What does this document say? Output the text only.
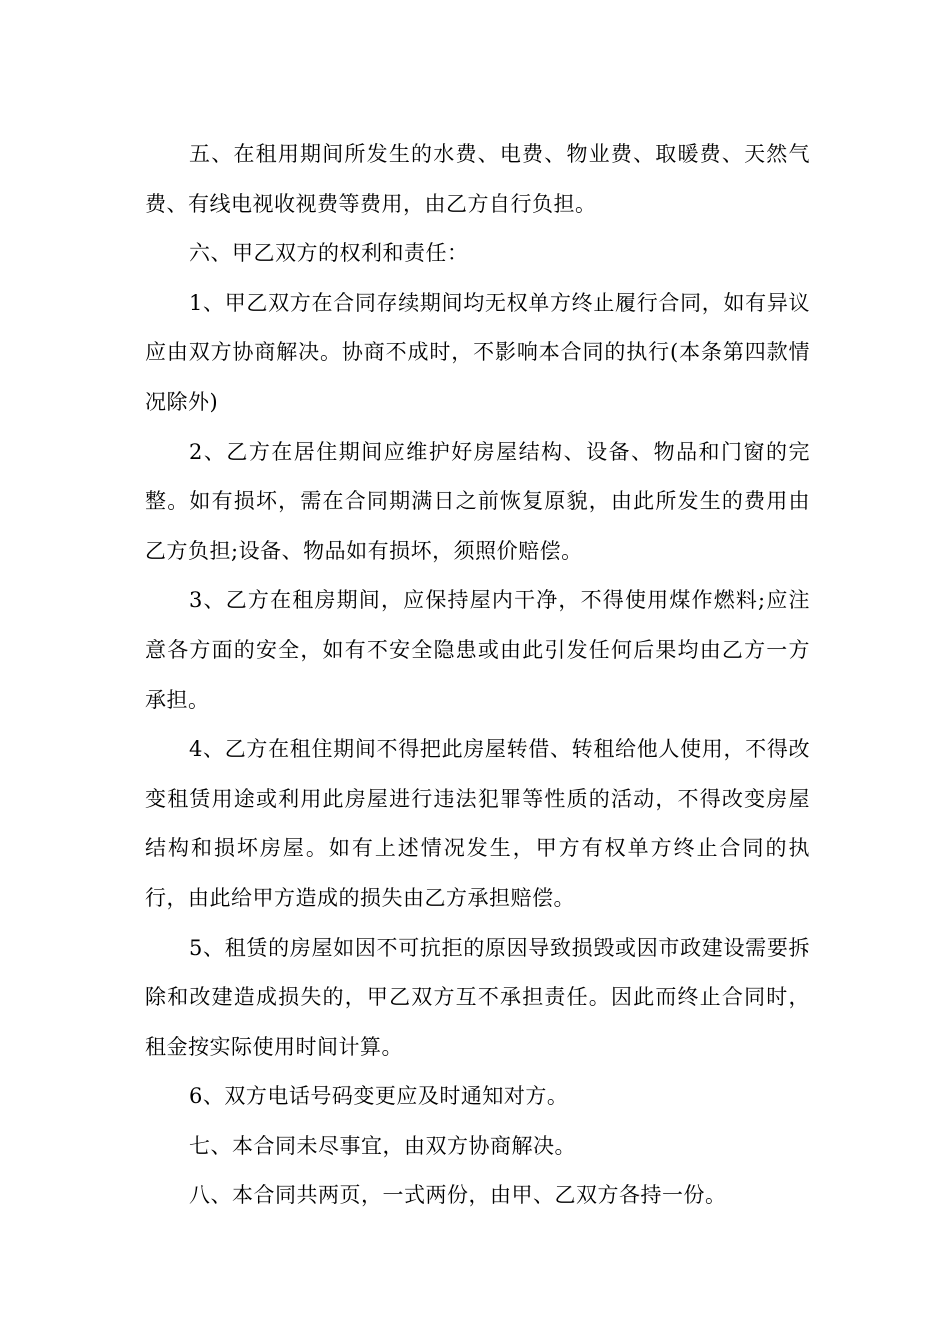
五、在租用期间所发生的水费、电费、物业费、取暖费、天然气费、有线电视收视费等费用，由乙方自行负担。

六、甲乙双方的权利和责任：

1、甲乙双方在合同存续期间均无权单方终止履行合同，如有异议应由双方协商解决。协商不成时，不影响本合同的执行(本条第四款情况除外)

2、乙方在居住期间应维护好房屋结构、设备、物品和门窗的完整。如有损坏，需在合同期满日之前恢复原貌，由此所发生的费用由乙方负担;设备、物品如有损坏，须照价赔偿。

3、乙方在租房期间，应保持屋内干净，不得使用煤作燃料;应注意各方面的安全，如有不安全隐患或由此引发任何后果均由乙方一方承担。

4、乙方在租住期间不得把此房屋转借、转租给他人使用，不得改变租赁用途或利用此房屋进行违法犯罪等性质的活动，不得改变房屋结构和损坏房屋。如有上述情况发生，甲方有权单方终止合同的执行，由此给甲方造成的损失由乙方承担赔偿。

5、租赁的房屋如因不可抗拒的原因导致损毁或因市政建设需要拆除和改建造成损失的，甲乙双方互不承担责任。因此而终止合同时，租金按实际使用时间计算。

6、双方电话号码变更应及时通知对方。

七、本合同未尽事宜，由双方协商解决。

八、本合同共两页，一式两份，由甲、乙双方各持一份。
